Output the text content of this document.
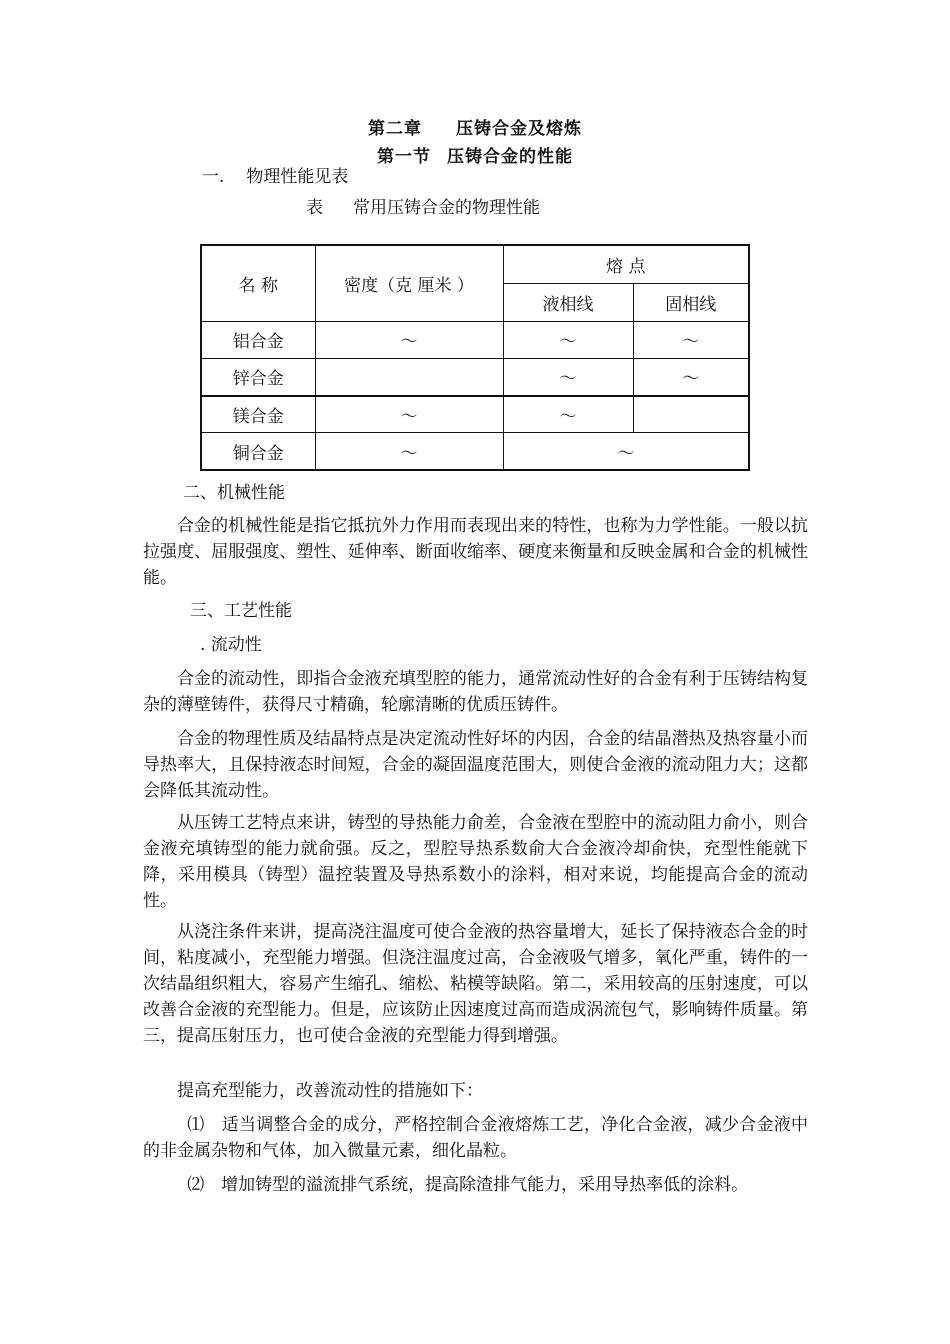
第二章 压铸合金及熔炼
第一节 压铸合金的性能
一. 物理性能见表
表 常用压铸合金的物理性能
名 称	密度（克 厘米 ）	熔 点	
		液相线	固相线
铝合金	～	～	～
锌合金		～	～
镁合金	～	～	
铜合金	～	～	
二、机械性能

合金的机械性能是指它抵抗外力作用而表现出来的特性，也称为力学性能。一般以抗拉强度、屈服强度、塑性、延伸率、断面收缩率、硬度来衡量和反映金属和合金的机械性能。

三、工艺性能
. 流动性

合金的流动性，即指合金液充填型腔的能力，通常流动性好的合金有利于压铸结构复杂的薄壁铸件，获得尺寸精确，轮廓清晰的优质压铸件。

合金的物理性质及结晶特点是决定流动性好坏的内因，合金的结晶潜热及热容量小而导热率大，且保持液态时间短，合金的凝固温度范围大，则使合金液的流动阻力大；这都会降低其流动性。

从压铸工艺特点来讲，铸型的导热能力俞差，合金液在型腔中的流动阻力俞小，则合金液充填铸型的能力就俞强。反之，型腔导热系数俞大合金液冷却俞快，充型性能就下降，采用模具（铸型）温控装置及导热系数小的涂料，相对来说，均能提高合金的流动性。

从浇注条件来讲，提高浇注温度可使合金液的热容量增大，延长了保持液态合金的时间，粘度减小，充型能力增强。但浇注温度过高，合金液吸气增多，氧化严重，铸件的一次结晶组织粗大，容易产生缩孔、缩松、粘模等缺陷。第二，采用较高的压射速度，可以改善合金液的充型能力。但是，应该防止因速度过高而造成涡流包气，影响铸件质量。第三，提高压射压力，也可使合金液的充型能力得到增强。

提高充型能力，改善流动性的措施如下：

⑴　适当调整合金的成分，严格控制合金液熔炼工艺，净化合金液，减少合金液中的非金属杂物和气体，加入微量元素，细化晶粒。

⑵　增加铸型的溢流排气系统，提高除渣排气能力，采用导热率低的涂料。
